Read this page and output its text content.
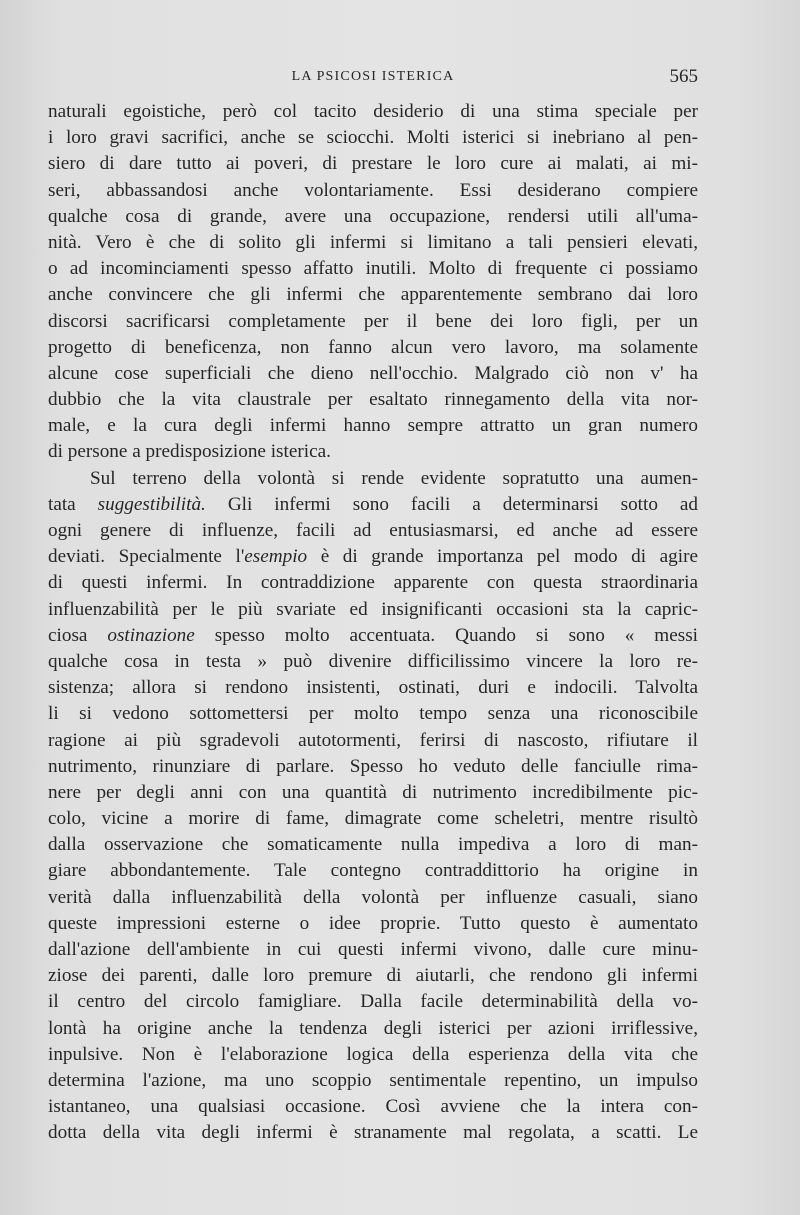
LA PSICOSI ISTERICA	565
naturali egoistiche, però col tacito desiderio di una stima speciale per
i loro gravi sacrifici, anche se sciocchi. Molti isterici si inebriano al pen-
siero di dare tutto ai poveri, di prestare le loro cure ai malati, ai mi-
seri, abbassandosi anche volontariamente. Essi desiderano compiere
qualche cosa di grande, avere una occupazione, rendersi utili all'uma-
nità. Vero è che di solito gli infermi si limitano a tali pensieri elevati,
o ad incominciamenti spesso affatto inutili. Molto di frequente ci possiamo
anche convincere che gli infermi che apparentemente sembrano dai loro
discorsi sacrificarsi completamente per il bene dei loro figli, per un
progetto di beneficenza, non fanno alcun vero lavoro, ma solamente
alcune cose superficiali che dieno nell'occhio. Malgrado ciò non v' ha
dubbio che la vita claustrale per esaltato rinnegamento della vita nor-
male, e la cura degli infermi hanno sempre attratto un gran numero
di persone a predisposizione isterica.
Sul terreno della volontà si rende evidente sopratutto una aumen-
tata suggestibilità. Gli infermi sono facili a determinarsi sotto ad
ogni genere di influenze, facili ad entusiasmarsi, ed anche ad essere
deviati. Specialmente l'esempio è di grande importanza pel modo di agire
di questi infermi. In contraddizione apparente con questa straordinaria
influenzabilità per le più svariate ed insignificanti occasioni sta la capric-
ciosa ostinazione spesso molto accentuata. Quando si sono « messi
qualche cosa in testa » può divenire difficilissimo vincere la loro re-
sistenza; allora si rendono insistenti, ostinati, duri e indocili. Talvolta
li si vedono sottomettersi per molto tempo senza una riconoscibile
ragione ai più sgradevoli autotormenti, ferirsi di nascosto, rifiutare il
nutrimento, rinunziare di parlare. Spesso ho veduto delle fanciulle rima-
nere per degli anni con una quantità di nutrimento incredibilmente pic-
colo, vicine a morire di fame, dimagrate come scheletri, mentre risultò
dalla osservazione che somaticamente nulla impediva a loro di man-
giare abbondantemente. Tale contegno contraddittorio ha origine in
verità dalla influenzabilità della volontà per influenze casuali, siano
queste impressioni esterne o idee proprie. Tutto questo è aumentato
dall'azione dell'ambiente in cui questi infermi vivono, dalle cure minu-
ziose dei parenti, dalle loro premure di aiutarli, che rendono gli infermi
il centro del circolo famigliare. Dalla facile determinabilità della vo-
lontà ha origine anche la tendenza degli isterici per azioni irriflessive,
inpulsive. Non è l'elaborazione logica della esperienza della vita che
determina l'azione, ma uno scoppio sentimentale repentino, un impulso
istantaneo, una qualsiasi occasione. Così avviene che la intera con-
dotta della vita degli infermi è stranamente mal regolata, a scatti. Le
